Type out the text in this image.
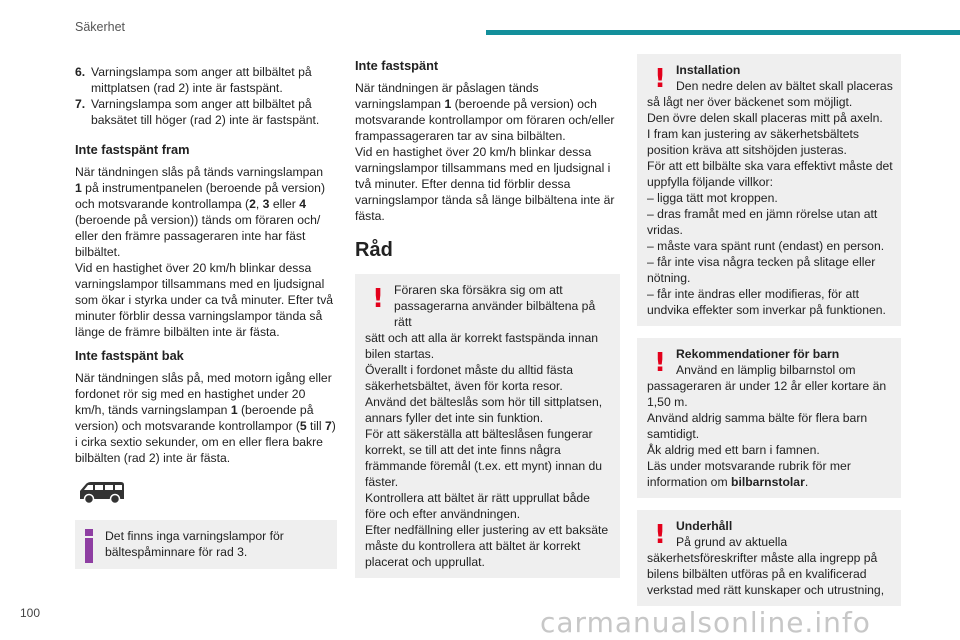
Säkerhet
6. Varningslampa som anger att bilbältet på mittplatsen (rad 2) inte är fastspänt.
7. Varningslampa som anger att bilbältet på baksätet till höger (rad 2) inte är fastspänt.
Inte fastspänt fram

När tändningen slås på tänds varningslampan
1 på instrumentpanelen (beroende på version) och motsvarande kontrollampa (2, 3 eller 4 (beroende på version)) tänds om föraren och/ eller den främre passageraren inte har fäst bilbältet.

Vid en hastighet över 20 km/h blinkar dessa varningslampor tillsammans med en ljudsignal som ökar i styrka under ca två minuter. Efter två minuter förblir dessa varningslampor tända så länge de främre bilbälten inte är fästa.

Inte fastspänt bak

När tändningen slås på, med motorn igång eller fordonet rör sig med en hastighet under 20 km/h, tänds varningslampan 1 (beroende på version) och motsvarande kontrollampor (5 till 7) i cirka sextio sekunder, om en eller flera bakre bilbälten (rad 2) inte är fästa.

Det finns inga varningslampor för bältespåminnare för rad 3.

Inte fastspänt

När tändningen är påslagen tänds varningslampan 1 (beroende på version) och motsvarande kontrollampor om föraren och/eller frampassageraren tar av sina bilbälten.

Vid en hastighet över 20 km/h blinkar dessa varningslampor tillsammans med en ljudsignal i två minuter. Efter denna tid förblir dessa varningslampor tända så länge bilbältena inte är fästa.

Råd
! Föraren ska försäkra sig om att
passagerarna använder bilbältena på rätt

sätt och att alla är korrekt fastspända innan bilen startas.

Överallt i fordonet måste du alltid fästa säkerhetsbältet, även för korta resor.

Använd det bälteslås som hör till sittplatsen, annars fyller det inte sin funktion.

För att säkerställa att bälteslåsen fungerar korrekt, se till att det inte finns några främmande föremål (t.ex. ett mynt) innan du fäster.

Kontrollera att bältet är rätt upprullat både före och efter användningen.

Efter nedfällning eller justering av ett baksäte måste du kontrollera att bältet är korrekt placerat och upprullat.

! Installation
Den nedre delen av bältet skall placeras

så lågt ner över bäckenet som möjligt.

Den övre delen skall placeras mitt på axeln.

I fram kan justering av säkerhetsbältets position kräva att sitshöjden justeras.

För att ett bilbälte ska vara effektivt måste det uppfylla följande villkor:

– ligga tätt mot kroppen.

– dras framåt med en jämn rörelse utan att vridas.

– måste vara spänt runt (endast) en person.

– får inte visa några tecken på slitage eller nötning.

– får inte ändras eller modifieras, för att undvika effekter som inverkar på funktionen.

! Rekommendationer för barn
Använd en lämplig bilbarnstol om

passageraren är under 12 år eller kortare än 1,50 m.

Använd aldrig samma bälte för flera barn samtidigt.

Åk aldrig med ett barn i famnen.

Läs under motsvarande rubrik för mer information om bilbarnstolar.

! Underhåll
På grund av aktuella

säkerhetsföreskrifter måste alla ingrepp på bilens bilbälten utföras på en kvalificerad verkstad med rätt kunskaper och utrustning,

100	carmanualsonline.info
